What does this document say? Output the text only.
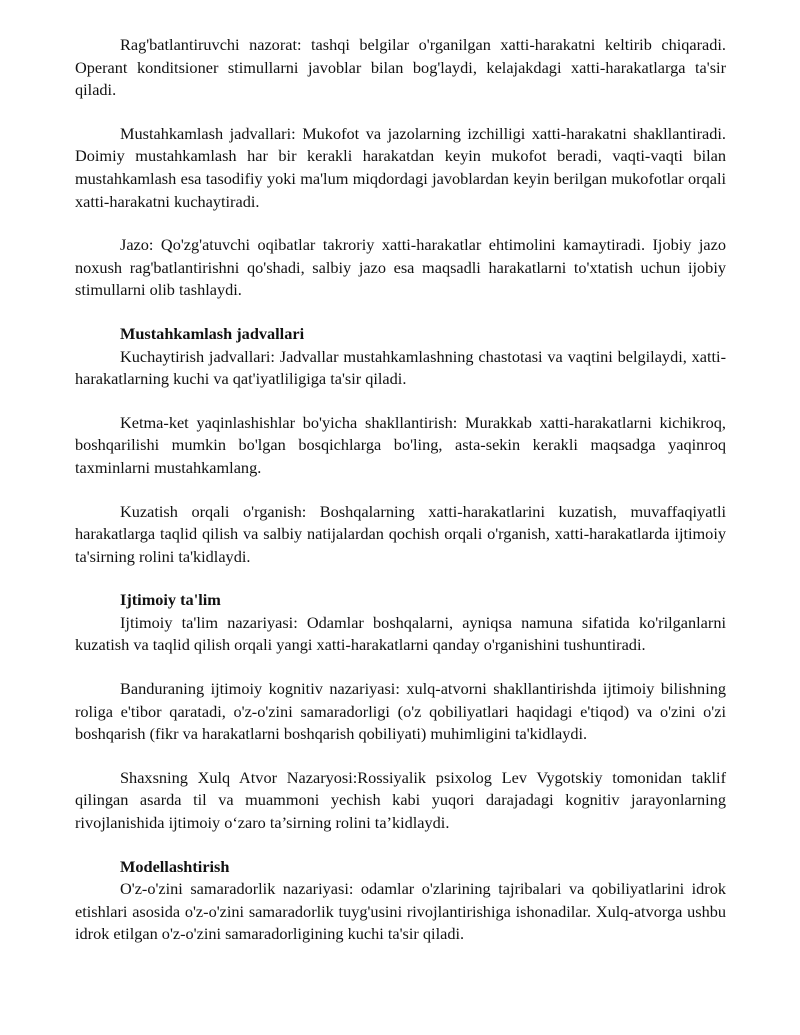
Rag'batlantiruvchi nazorat: tashqi belgilar o'rganilgan xatti-harakatni keltirib chiqaradi. Operant konditsioner stimullarni javoblar bilan bog'laydi, kelajakdagi xatti-harakatlarga ta'sir qiladi.

Mustahkamlash jadvallari: Mukofot va jazolarning izchilligi xatti-harakatni shakllantiradi. Doimiy mustahkamlash har bir kerakli harakatdan keyin mukofot beradi, vaqti-vaqti bilan mustahkamlash esa tasodifiy yoki ma'lum miqdordagi javoblardan keyin berilgan mukofotlar orqali xatti-harakatni kuchaytiradi.

Jazo: Qo'zg'atuvchi oqibatlar takroriy xatti-harakatlar ehtimolini kamaytiradi. Ijobiy jazo noxush rag'batlantirishni qo'shadi, salbiy jazo esa maqsadli harakatlarni to'xtatish uchun ijobiy stimullarni olib tashlaydi.

Mustahkamlash jadvallari

Kuchaytirish jadvallari: Jadvallar mustahkamlashning chastotasi va vaqtini belgilaydi, xatti-harakatlarning kuchi va qat'iyatliligiga ta'sir qiladi.

Ketma-ket yaqinlashishlar bo'yicha shakllantirish: Murakkab xatti-harakatlarni kichikroq, boshqarilishi mumkin bo'lgan bosqichlarga bo'ling, asta-sekin kerakli maqsadga yaqinroq taxminlarni mustahkamlang.

Kuzatish orqali o'rganish: Boshqalarning xatti-harakatlarini kuzatish, muvaffaqiyatli harakatlarga taqlid qilish va salbiy natijalardan qochish orqali o'rganish, xatti-harakatlarda ijtimoiy ta'sirning rolini ta'kidlaydi.

Ijtimoiy ta'lim

Ijtimoiy ta'lim nazariyasi: Odamlar boshqalarni, ayniqsa namuna sifatida ko'rilganlarni kuzatish va taqlid qilish orqali yangi xatti-harakatlarni qanday o'rganishini tushuntiradi.

Banduraning ijtimoiy kognitiv nazariyasi: xulq-atvorni shakllantirishda ijtimoiy bilishning roliga e'tibor qaratadi, o'z-o'zini samaradorligi (o'z qobiliyatlari haqidagi e'tiqod) va o'zini o'zi boshqarish (fikr va harakatlarni boshqarish qobiliyati) muhimligini ta'kidlaydi.

Shaxsning Xulq Atvor Nazaryosi:Rossiyalik psixolog Lev Vygotskiy tomonidan taklif qilingan asarda til va muammoni yechish kabi yuqori darajadagi kognitiv jarayonlarning rivojlanishida ijtimoiy o‘zaro ta’sirning rolini ta’kidlaydi.

Modellashtirish

O'z-o'zini samaradorlik nazariyasi: odamlar o'zlarining tajribalari va qobiliyatlarini idrok etishlari asosida o'z-o'zini samaradorlik tuyg'usini rivojlantirishiga ishonadilar. Xulq-atvorga ushbu idrok etilgan o'z-o'zini samaradorligining kuchi ta'sir qiladi.
